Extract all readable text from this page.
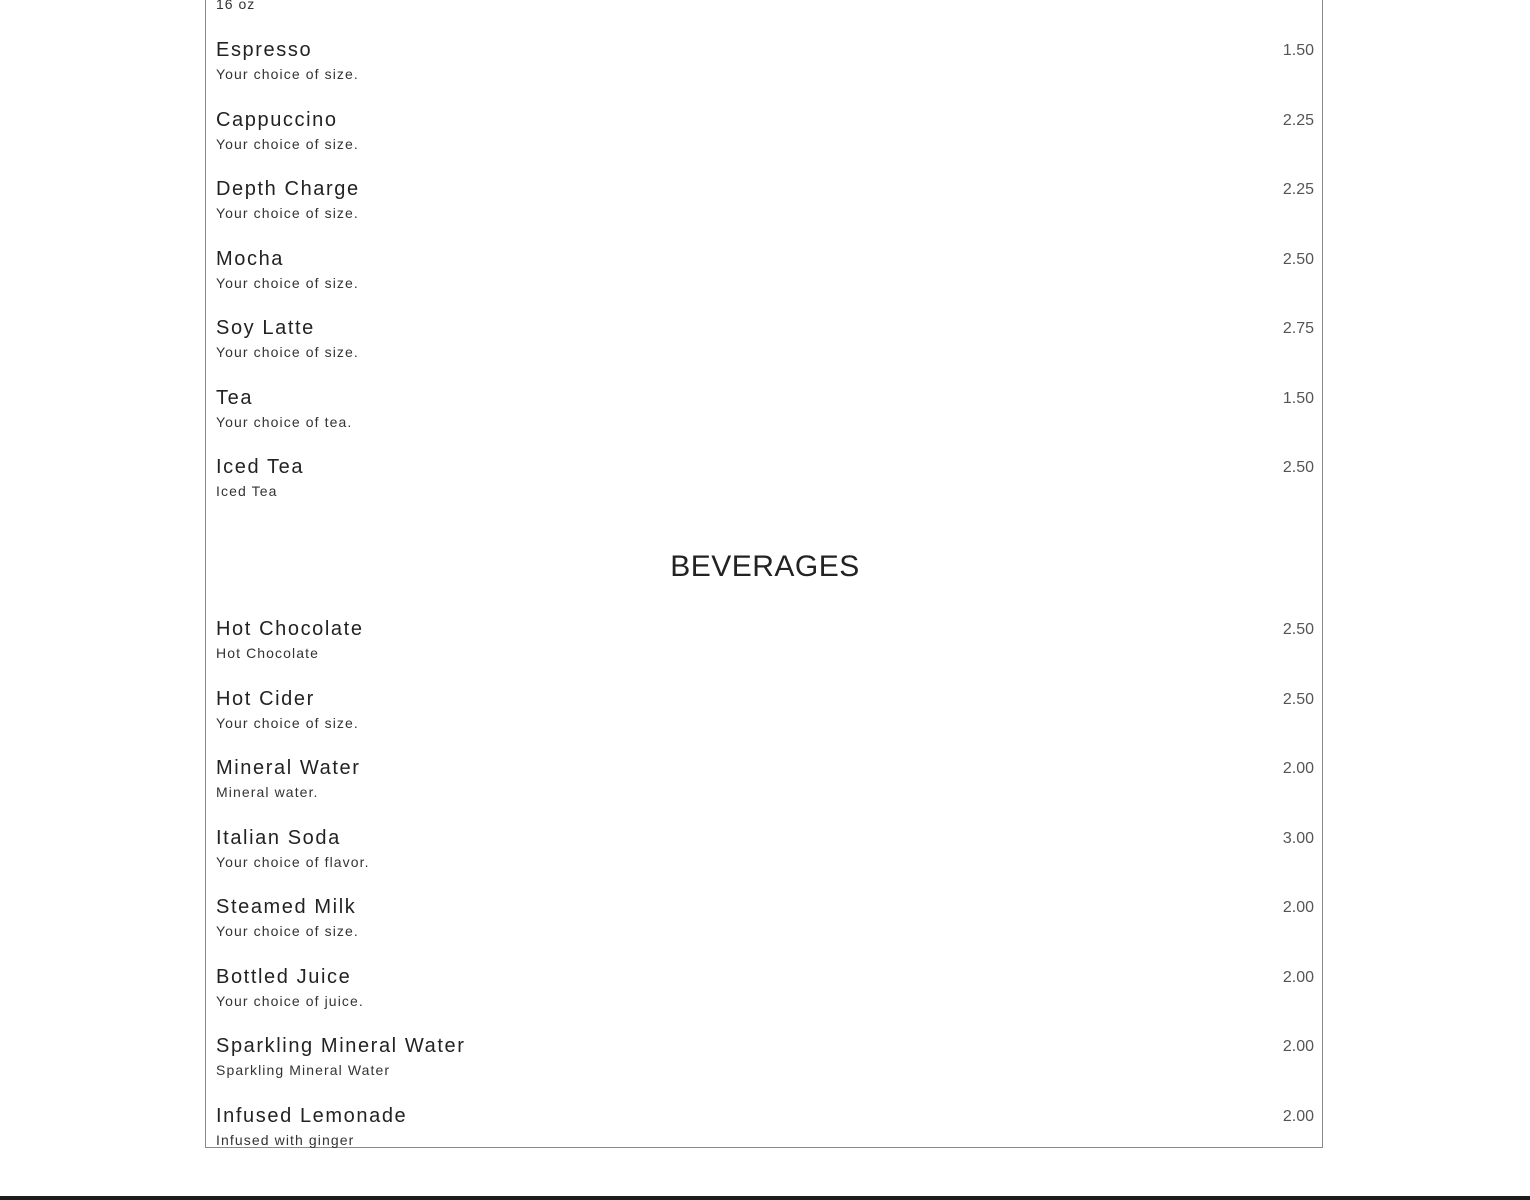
16 oz
Espresso
Your choice of size.
1.50
Cappuccino
Your choice of size.
2.25
Depth Charge
Your choice of size.
2.25
Mocha
Your choice of size.
2.50
Soy Latte
Your choice of size.
2.75
Tea
Your choice of tea.
1.50
Iced Tea
Iced Tea
2.50
BEVERAGES
Hot Chocolate
Hot Chocolate
2.50
Hot Cider
Your choice of size.
2.50
Mineral Water
Mineral water.
2.00
Italian Soda
Your choice of flavor.
3.00
Steamed Milk
Your choice of size.
2.00
Bottled Juice
Your choice of juice.
2.00
Sparkling Mineral Water
Sparkling Mineral Water
2.00
Infused Lemonade
Infused with ginger
2.00
